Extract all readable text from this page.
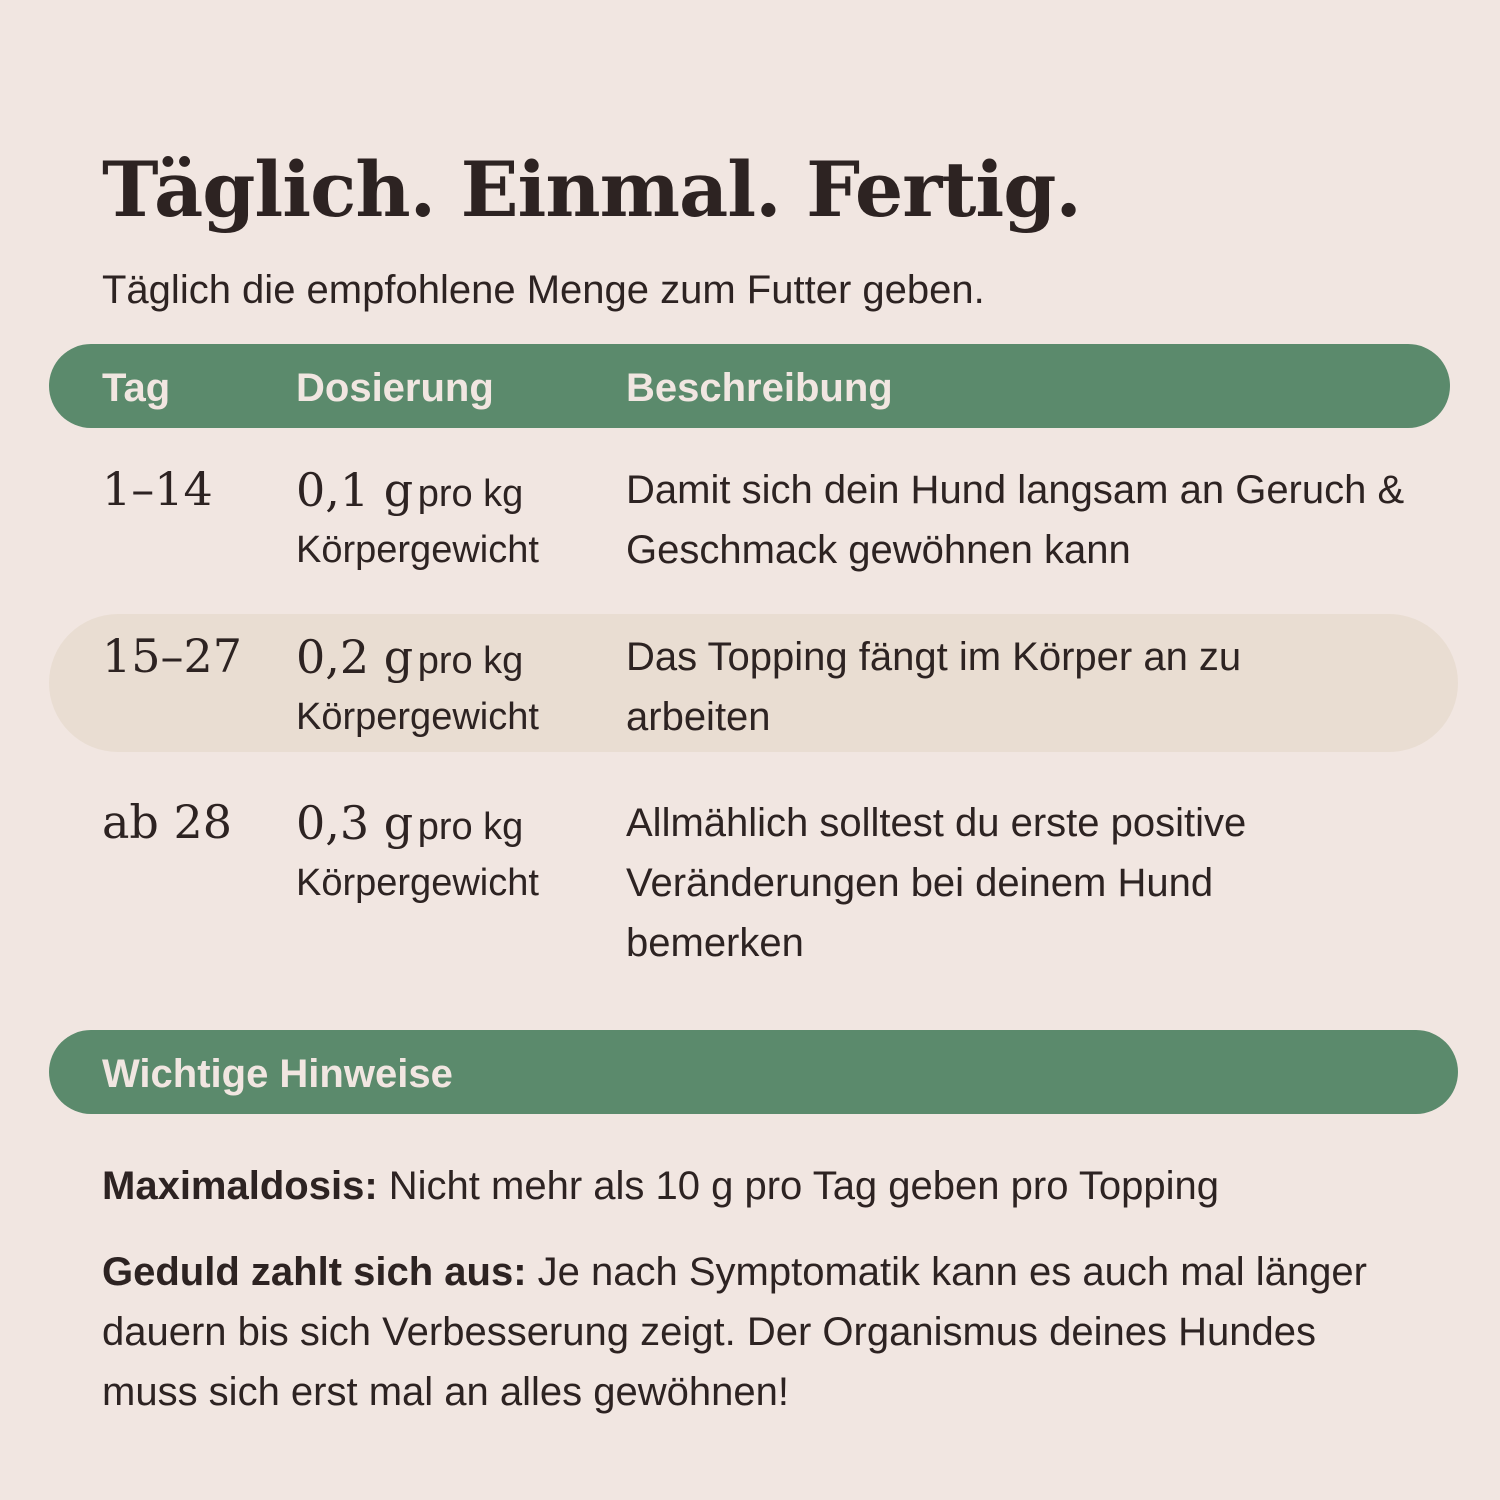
Täglich. Einmal. Fertig.

Täglich die empfohlene Menge zum Futter geben.

Tag	Dosierung	Beschreibung
1–14 0,1 g pro kg
Körpergewicht
Damit sich dein Hund langsam an Geruch & Geschmack gewöhnen kann
15–27 0,2 g pro kg
Körpergewicht
Das Topping fängt im Körper an zu arbeiten
ab 28 0,3 g pro kg
Körpergewicht
Allmählich solltest du erste positive Veränderungen bei deinem Hund bemerken
Wichtige Hinweise

Maximaldosis: Nicht mehr als 10 g pro Tag geben pro Topping

Geduld zahlt sich aus: Je nach Symptomatik kann es auch mal länger dauern bis sich Verbesserung zeigt. Der Organismus deines Hundes muss sich erst mal an alles gewöhnen!
